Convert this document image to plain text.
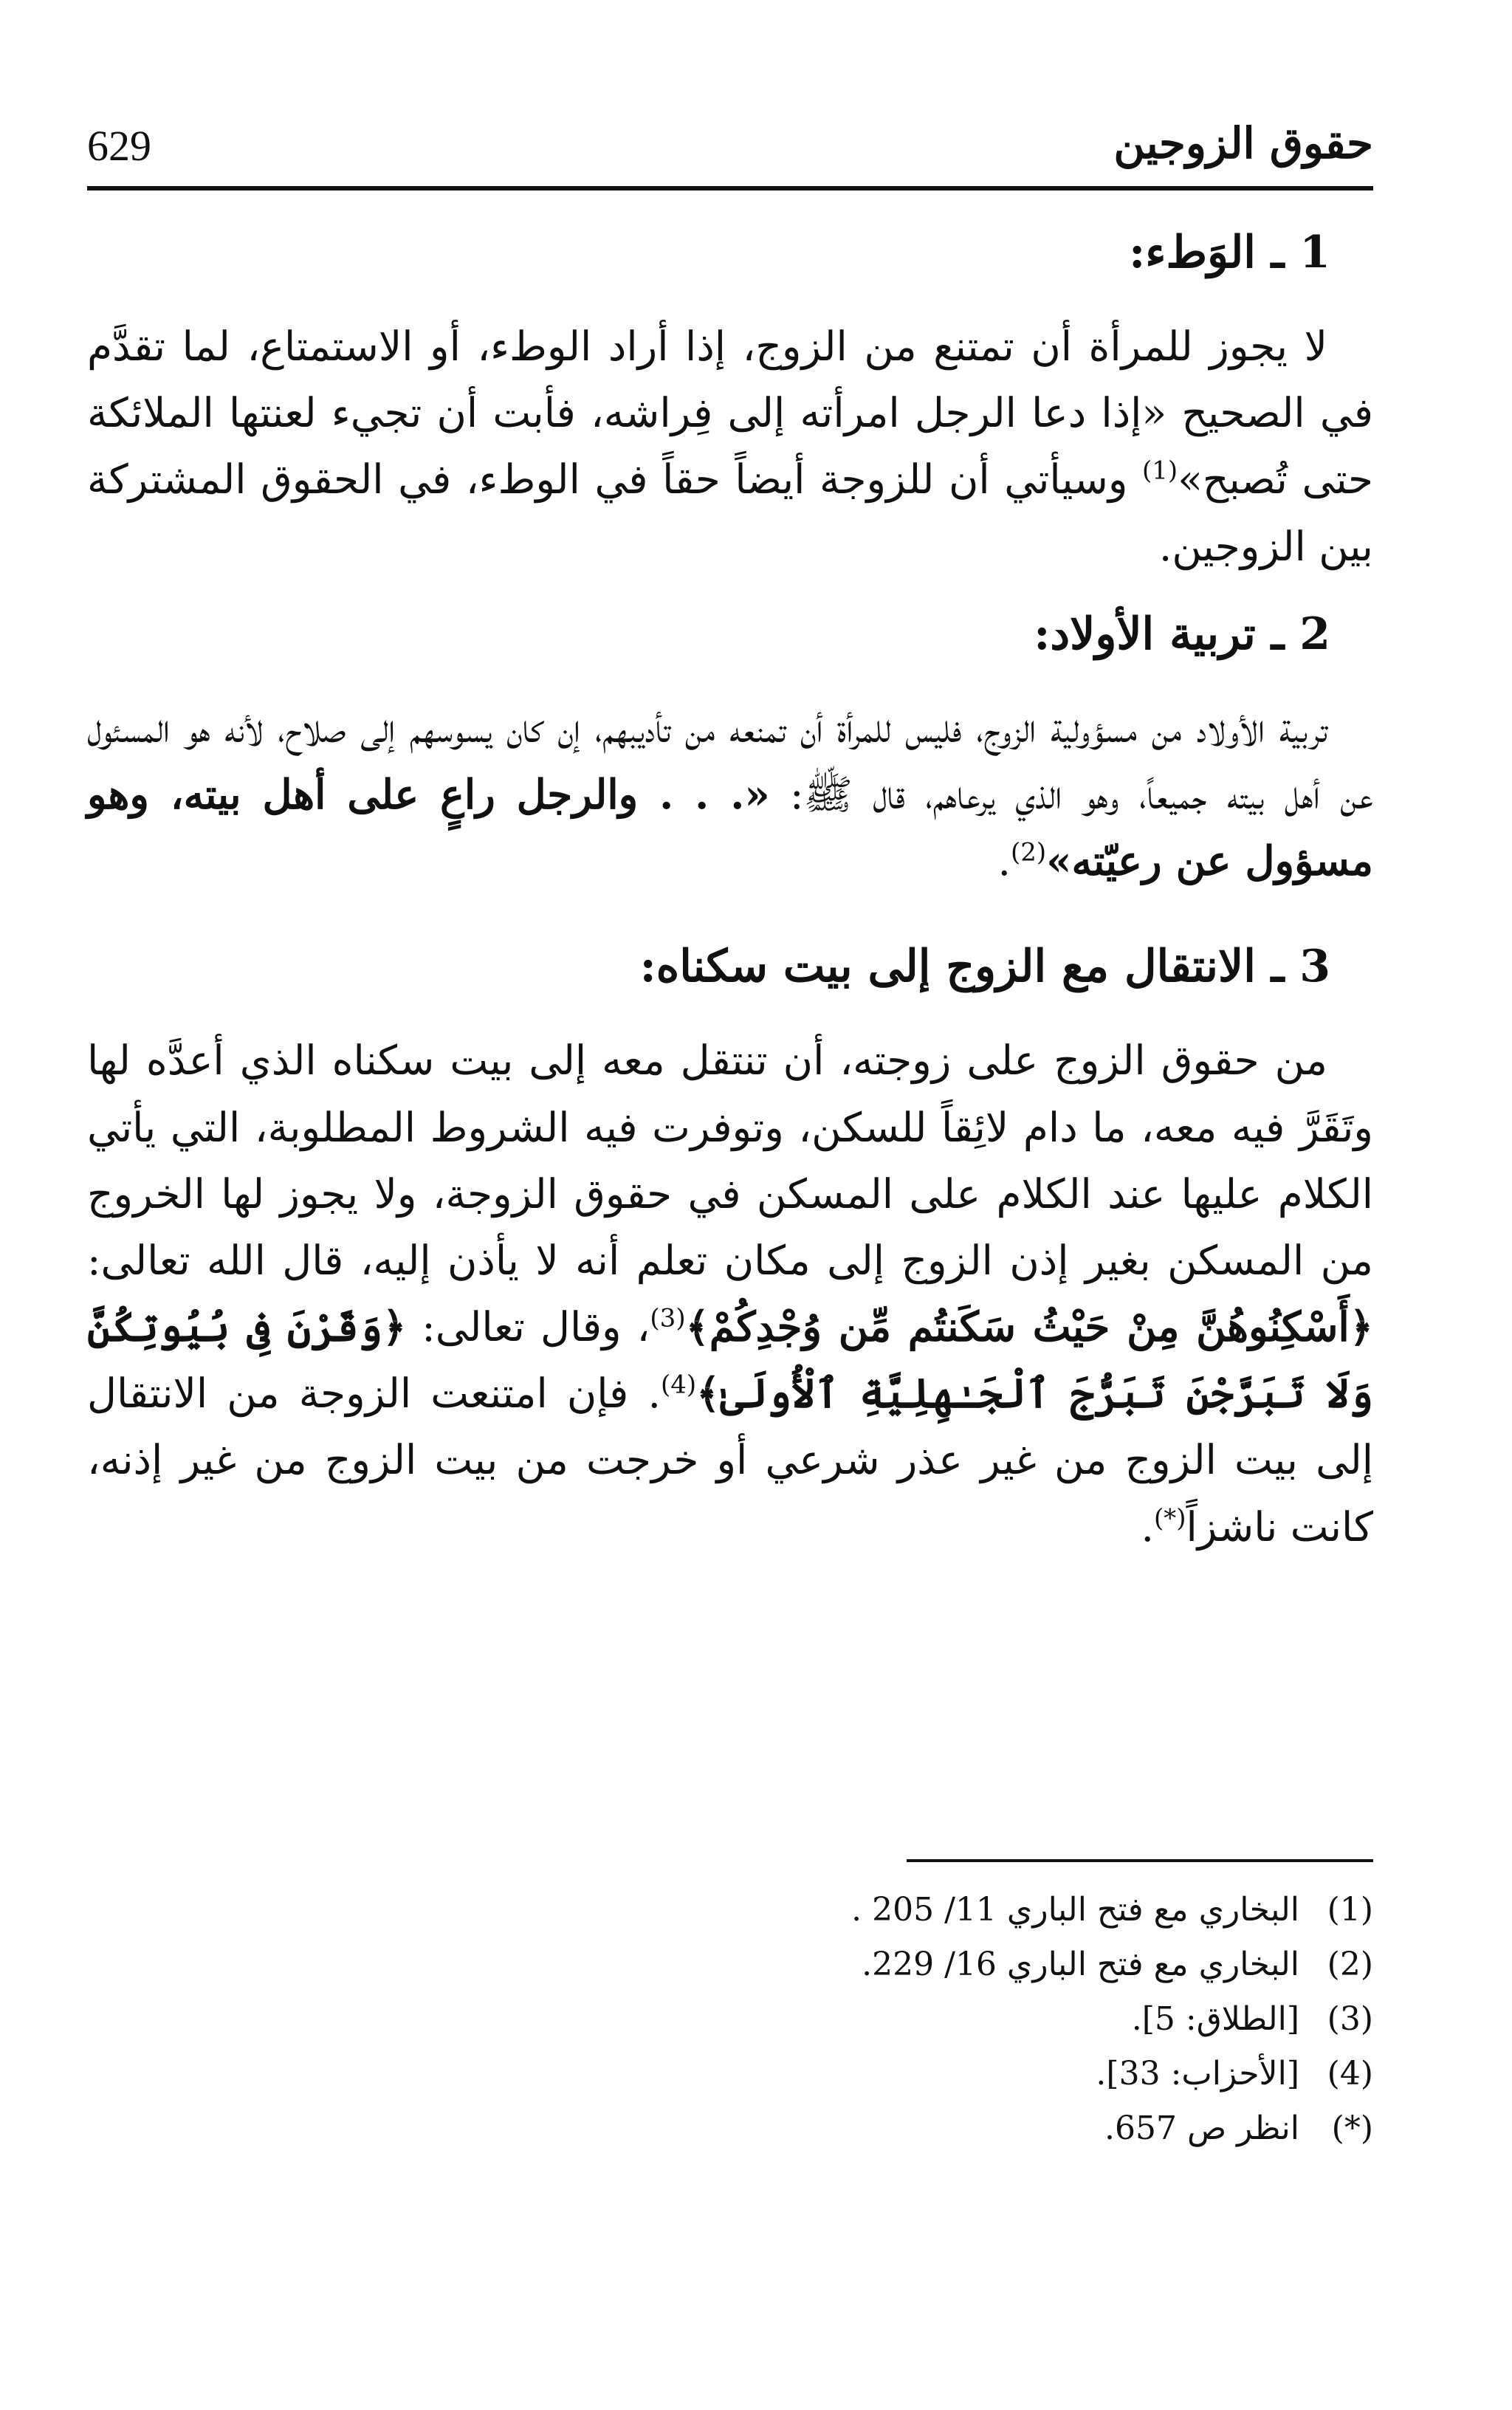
629	حقوق الزوجين
1 ـ الوَطء:

لا يجوز للمرأة أن تمتنع من الزوج، إذا أراد الوطء، أو الاستمتاع، لما تقدَّم في الصحيح «إذا دعا الرجل امرأته إلى فِراشه، فأبت أن تجيء لعنتها الملائكة حتى تُصبح»$^{(1)}$ وسيأتي أن للزوجة أيضاً حقاً في الوطء، في الحقوق المشتركة بين الزوجين.

2 ـ تربية الأولاد:

تربية الأولاد من مسؤولية الزوج، فليس للمرأة أن تمنعه من تأديبهم، إن كان يسوسهم إلى صلاح، لأنه هو المسئول عن أهل بيته جميعاً، وهو الذي يرعاهم، قال ﷺ: «. . . والرجل راعٍ على أهل بيته، وهو مسؤول عن رعيّته»$^{(2)}$.

3 ـ الانتقال مع الزوج إلى بيت سكناه:

من حقوق الزوج على زوجته، أن تنتقل معه إلى بيت سكناه الذي أعدَّه لها وتَقَرَّ فيه معه، ما دام لائِقاً للسكن، وتوفرت فيه الشروط المطلوبة، التي يأتي الكلام عليها عند الكلام على المسكن في حقوق الزوجة، ولا يجوز لها الخروج من المسكن بغير إذن الزوج إلى مكان تعلم أنه لا يأذن إليه، قال الله تعالى: ﴿أَسْكِنُوهُنَّ مِنْ حَيْثُ سَكَنتُم مِّن وُجْدِكُمْ﴾$^{(3)}$، وقال تعالى: ﴿وَقَرْنَ فِى بُيُوتِكُنَّ وَلَا تَبَرَّجْنَ تَبَرُّجَ ٱلْجَـٰهِلِيَّةِ ٱلْأُولَىٰ﴾$^{(4)}$. فإن امتنعت الزوجة من الانتقال إلى بيت الزوج من غير عذر شرعي أو خرجت من بيت الزوج من غير إذنه، كانت ناشزاً(*).

(1) البخاري مع فتح الباري 11/ 205 .
(2) البخاري مع فتح الباري 16/ 229.
(3) [الطلاق: 5].
(4) [الأحزاب: 33].
(*) انظر ص 657.
